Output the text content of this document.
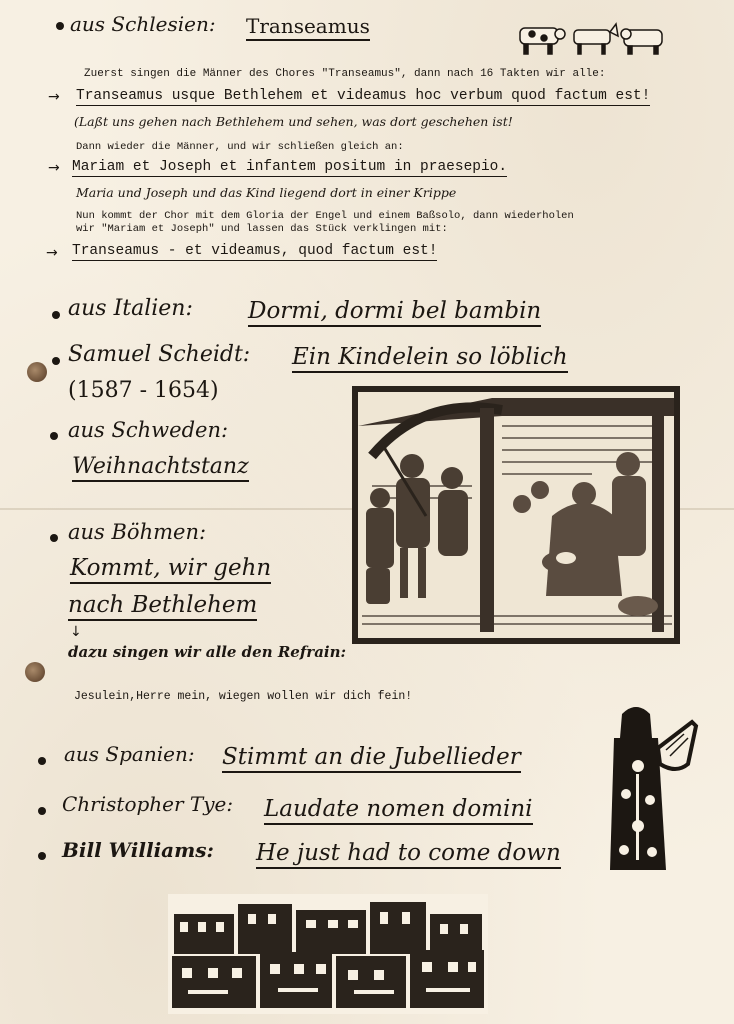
aus Schlesien: Transeamus
Zuerst singen die Männer des Chores "Transeamus", dann nach 16 Takten wir alle:
→ Transeamus usque Bethlehem et videamus hoc verbum quod factum est!
(Laßt uns gehen nach Bethlehem und sehen, was dort geschehen ist!
Dann wieder die Männer, und wir schließen gleich an:
→ Mariam et Joseph et infantem positum in praesepio.
Maria und Joseph und das Kind liegend dort in einer Krippe
Nun kommt der Chor mit dem Gloria der Engel und einem Baßsolo, dann wiederholen
wir "Mariam et Joseph" und lassen das Stück verklingen mit:
→ Transeamus - et videamus, quod factum est!
aus Italien: Dormi, dormi bel bambin
Samuel Scheidt: Ein Kindelein so löblich
(1587 - 1654)
aus Schweden:
Weihnachtstanz
aus Böhmen:
Kommt, wir gehn
nach Bethlehem
↓
dazu singen wir alle den Refrain:
Jesulein,Herre mein, wiegen wollen wir dich fein!
aus Spanien: Stimmt an die Jubellieder
Christopher Tye: Laudate nomen domini
Bill Williams: He just had to come down
